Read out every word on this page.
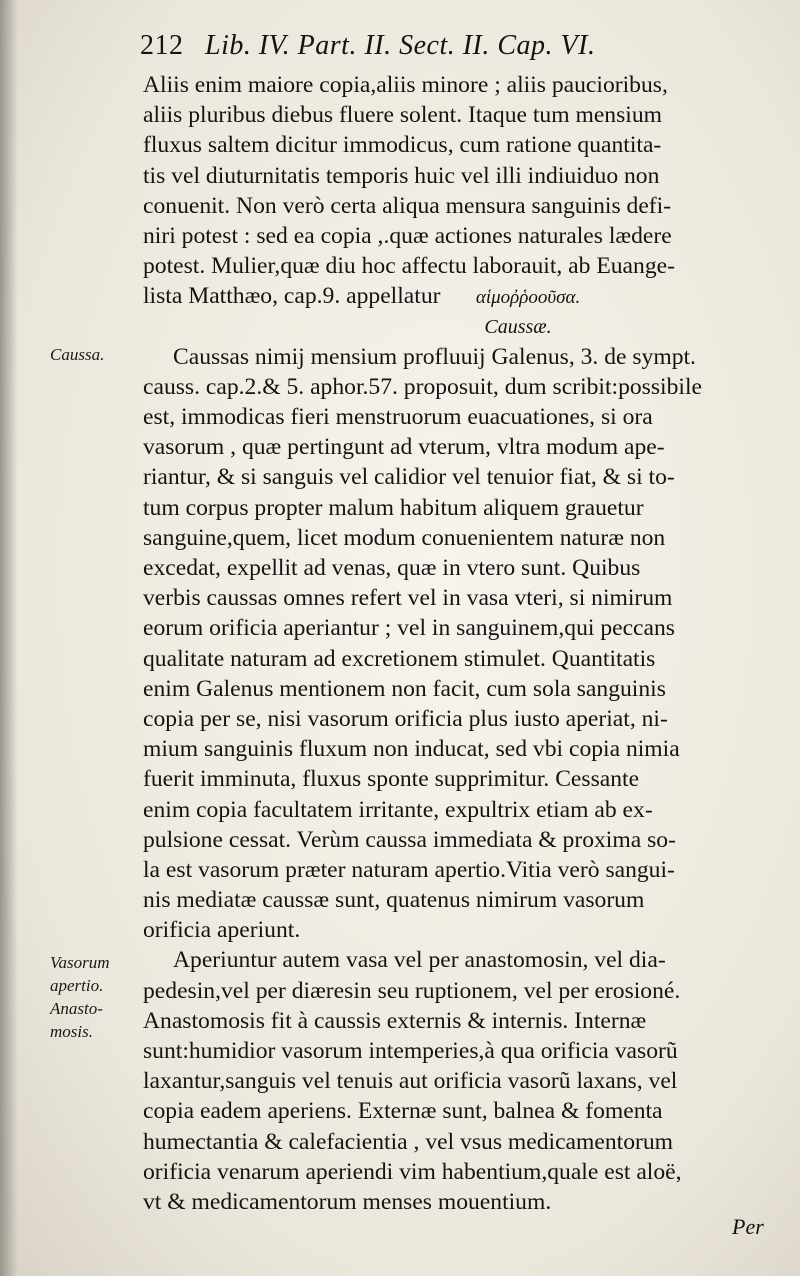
212 Lib. IV. Part. II. Sect. II. Cap. VI.
Aliis enim maiore copia,aliis minore ; aliis paucioribus,
aliis pluribus diebus fluere solent. Itaque tum mensium
fluxus saltem dicitur immodicus, cum ratione quantita-
tis vel diuturnitatis temporis huic vel illi indiuiduo non
conuenit. Non verò certa aliqua mensura sanguinis defi-
niri potest : sed ea copia ,.quæ actiones naturales lædere
potest. Mulier,quæ diu hoc affectu laborauit, ab Euange-
lista Matthæo, cap.9. appellatur αἱμοῤῥοοῦσα.
Caussæ.
Caussas nimij mensium profluuij Galenus, 3. de sympt.
causs. cap.2.& 5. aphor.57. proposuit, dum scribit:possibile
est, immodicas fieri menstruorum euacuationes, si ora
vasorum , quæ pertingunt ad vterum, vltra modum ape-
riantur, & si sanguis vel calidior vel tenuior fiat, & si to-
tum corpus propter malum habitum aliquem grauetur
sanguine,quem, licet modum conuenientem naturæ non
excedat, expellit ad venas, quæ in vtero sunt. Quibus
verbis caussas omnes refert vel in vasa vteri, si nimirum
eorum orificia aperiantur ; vel in sanguinem,qui peccans
qualitate naturam ad excretionem stimulet. Quantitatis
enim Galenus mentionem non facit, cum sola sanguinis
copia per se, nisi vasorum orificia plus iusto aperiat, ni-
mium sanguinis fluxum non inducat, sed vbi copia nimia
fuerit imminuta, fluxus sponte supprimitur. Cessante
enim copia facultatem irritante, expultrix etiam ab ex-
pulsione cessat. Verùm caussa immediata & proxima so-
la est vasorum præter naturam apertio.Vitia verò sangui-
nis mediatæ caussæ sunt, quatenus nimirum vasorum
orificia aperiunt.
Aperiuntur autem vasa vel per anastomosin, vel dia-
pedesin,vel per diæresin seu ruptionem, vel per erosioné.
Anastomosis fit à caussis externis & internis. Internæ
sunt:humidior vasorum intemperies,à qua orificia vasorũ
laxantur,sanguis vel tenuis aut orificia vasorũ laxans, vel
copia eadem aperiens. Externæ sunt, balnea & fomenta
humectantia & calefacientia , vel vsus medicamentorum
orificia venarum aperiendi vim habentium,quale est aloë,
vt & medicamentorum menses mouentium.
Caussa.
Vasorum apertio.
Anasto- mosis.
Per
